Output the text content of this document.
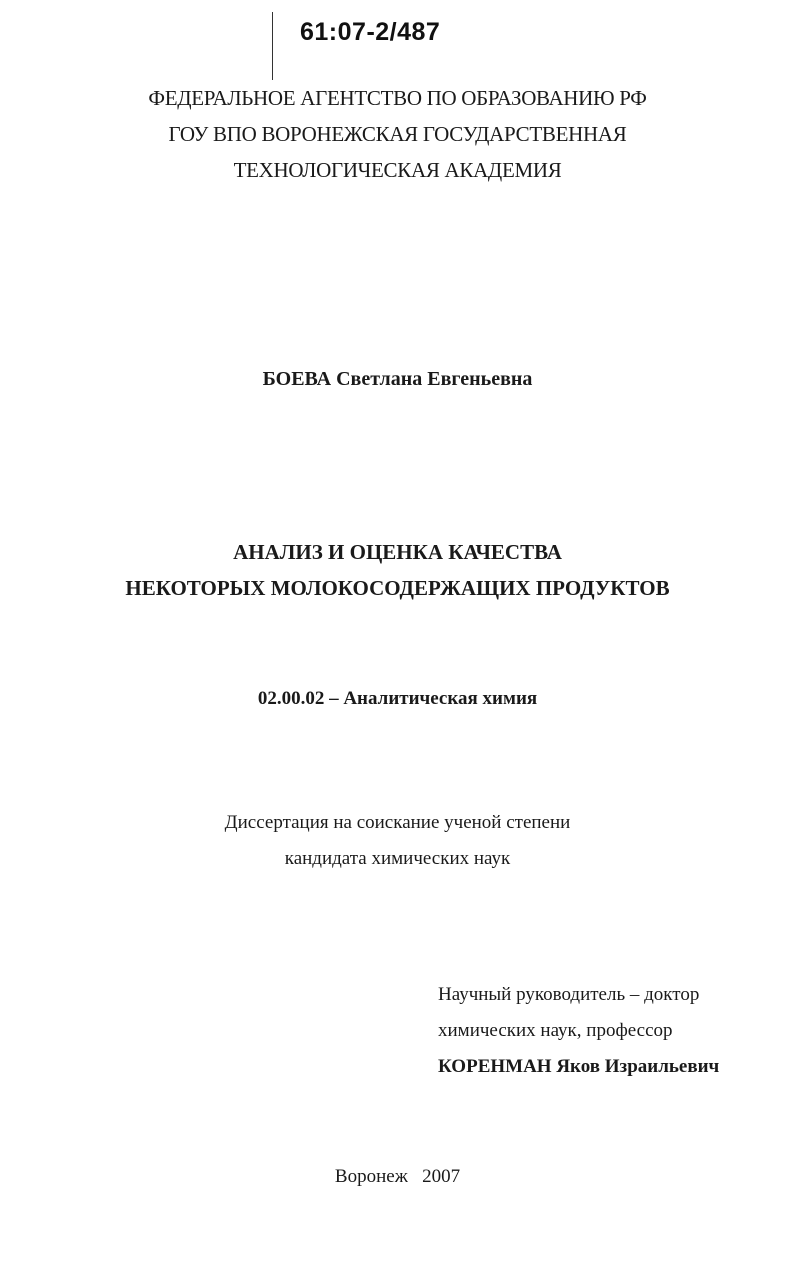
61:07-2/487
ФЕДЕРАЛЬНОЕ АГЕНТСТВО ПО ОБРАЗОВАНИЮ РФ
ГОУ ВПО ВОРОНЕЖСКАЯ ГОСУДАРСТВЕННАЯ
ТЕХНОЛОГИЧЕСКАЯ АКАДЕМИЯ
БОЕВА Светлана Евгеньевна
АНАЛИЗ И ОЦЕНКА КАЧЕСТВА
НЕКОТОРЫХ МОЛОКОСОДЕРЖАЩИХ ПРОДУКТОВ
02.00.02 – Аналитическая химия
Диссертация на соискание ученой степени
кандидата химических наук
Научный руководитель – доктор
химических наук, профессор
КОРЕНМАН Яков Израильевич
Воронеж 2007
